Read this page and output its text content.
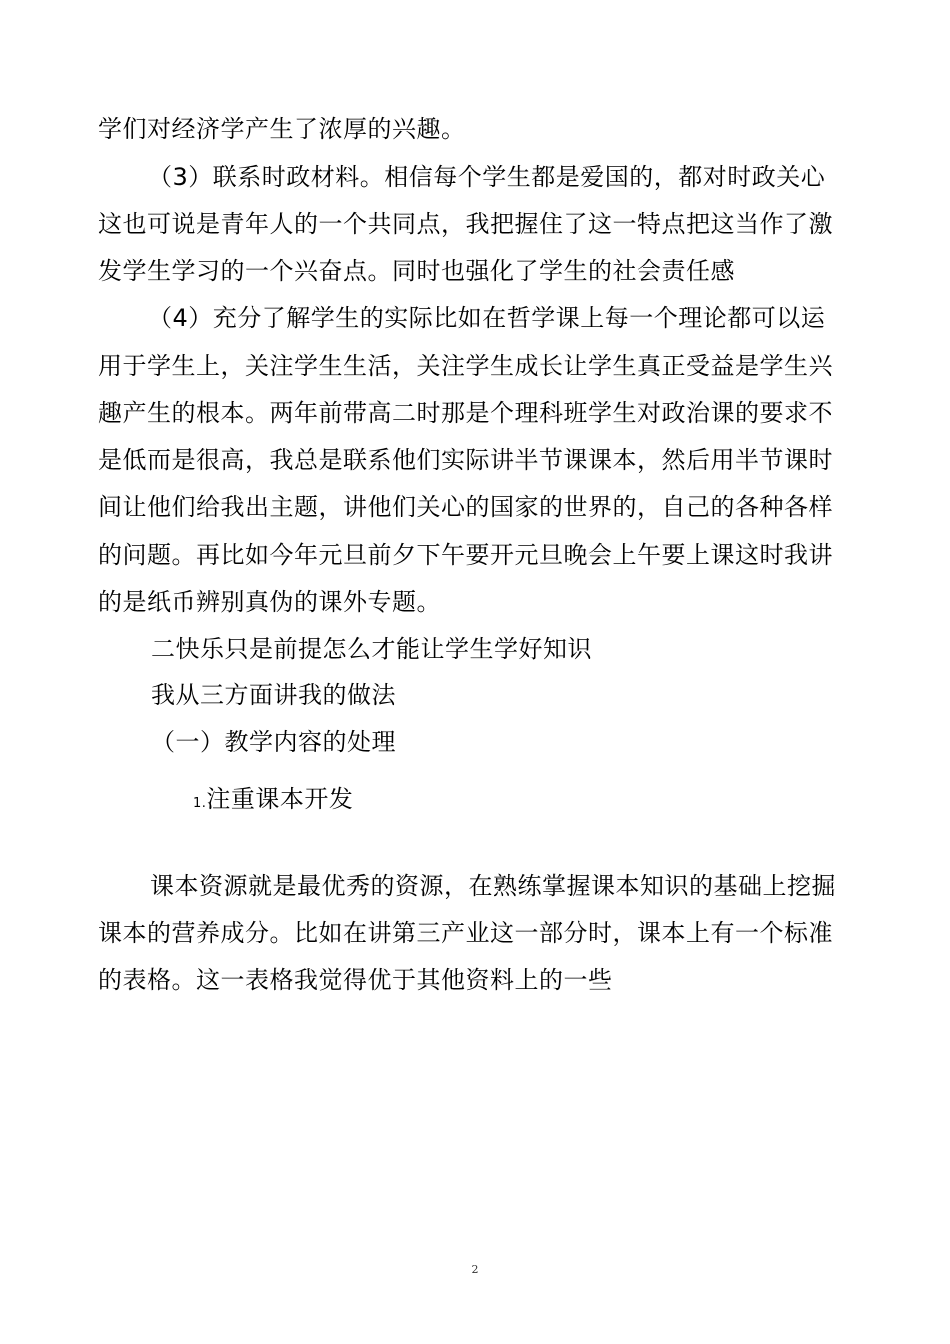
学们对经济学产生了浓厚的兴趣。
（3）联系时政材料。相信每个学生都是爱国的，都对时政关心
这也可说是青年人的一个共同点，我把握住了这一特点把这当作了激
发学生学习的一个兴奋点。同时也强化了学生的社会责任感
（4）充分了解学生的实际比如在哲学课上每一个理论都可以运
用于学生上，关注学生生活，关注学生成长让学生真正受益是学生兴
趣产生的根本。两年前带高二时那是个理科班学生对政治课的要求不
是低而是很高，我总是联系他们实际讲半节课课本，然后用半节课时
间让他们给我出主题，讲他们关心的国家的世界的，自己的各种各样
的问题。再比如今年元旦前夕下午要开元旦晚会上午要上课这时我讲
的是纸币辨别真伪的课外专题。
二快乐只是前提怎么才能让学生学好知识
我从三方面讲我的做法
（一）教学内容的处理
1.注重课本开发
课本资源就是最优秀的资源，在熟练掌握课本知识的基础上挖掘
课本的营养成分。比如在讲第三产业这一部分时，课本上有一个标准
的表格。这一表格我觉得优于其他资料上的一些
2
